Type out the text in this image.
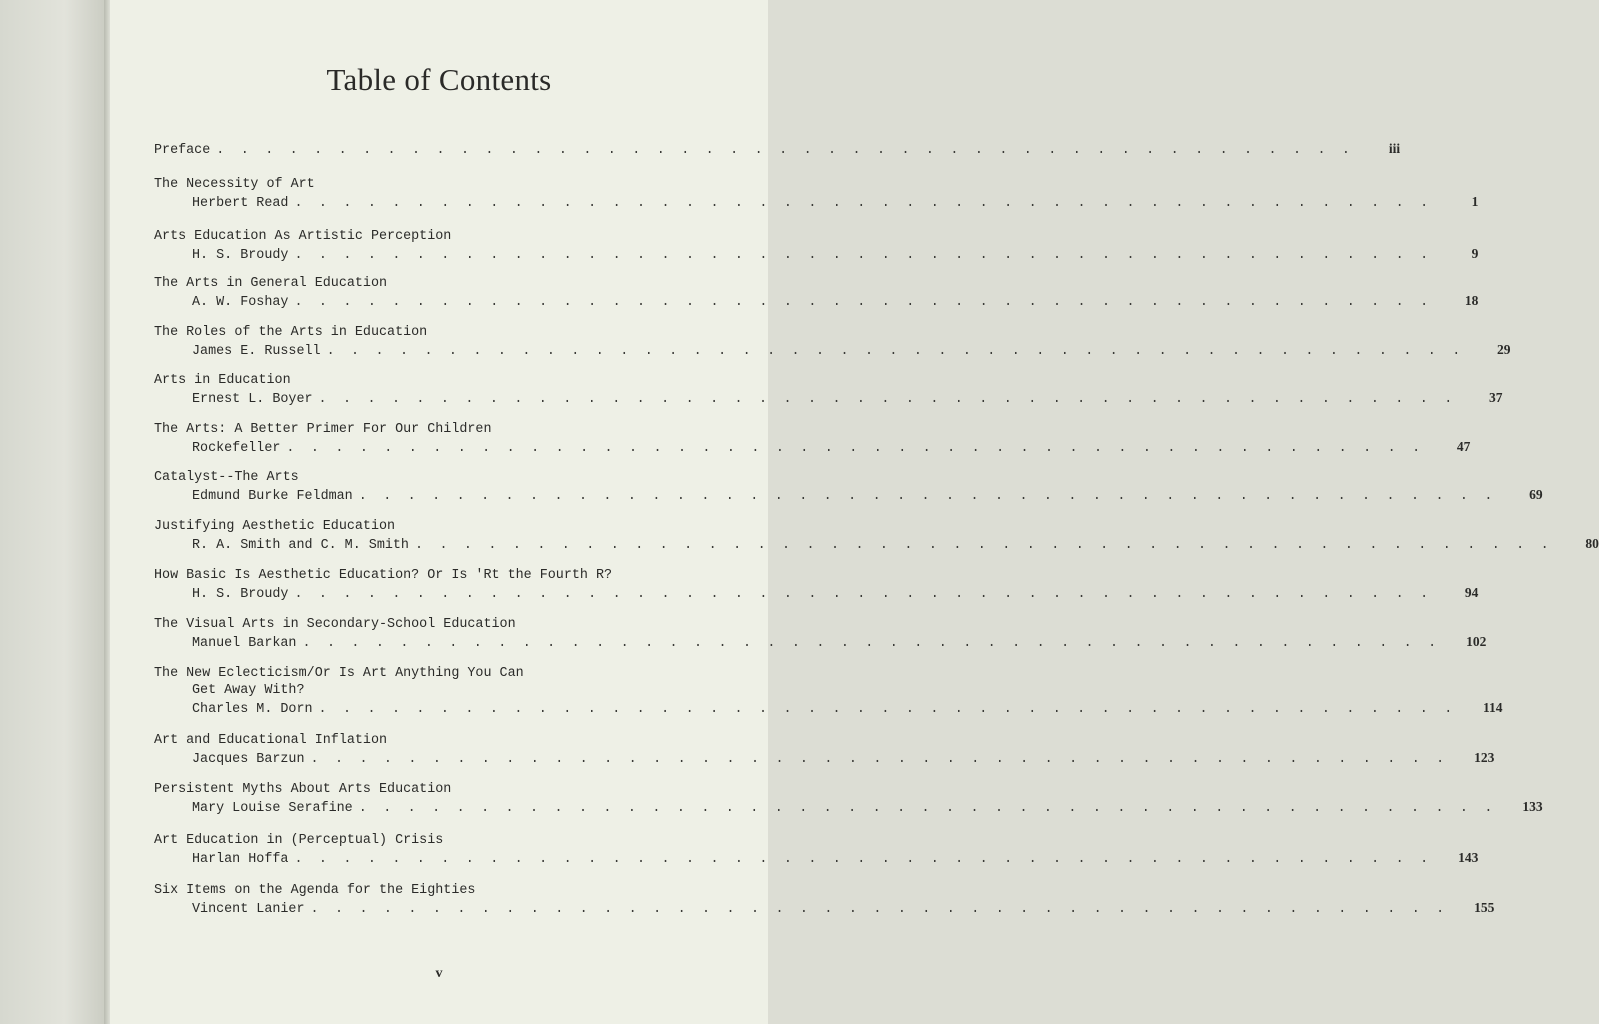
Table of Contents
Preface . . . . . . . . . . . . . . . . . . . . . . . . . . . . . . . . . . . . . . . . . . . . . . .	iii
The Necessity of Art
Herbert Read . . . . . . . . . . . . . . . . . . . . . . . . . . . . . . . . . . . . . . . . . . . . . . .	1
Arts Education As Artistic Perception
H. S. Broudy . . . . . . . . . . . . . . . . . . . . . . . . . . . . . . . . . . . . . . . . . . . . . . .	9
The Arts in General Education
A. W. Foshay . . . . . . . . . . . . . . . . . . . . . . . . . . . . . . . . . . . . . . . . . . . . . . .	18
The Roles of the Arts in Education
James E. Russell . . . . . . . . . . . . . . . . . . . . . . . . . . . . . . . . . . . . . . . . . . . . . . .	29
Arts in Education
Ernest L. Boyer . . . . . . . . . . . . . . . . . . . . . . . . . . . . . . . . . . . . . . . . . . . . . . .	37
The Arts: A Better Primer For Our Children
Rockefeller . . . . . . . . . . . . . . . . . . . . . . . . . . . . . . . . . . . . . . . . . . . . . . .	47
Catalyst--The Arts
Edmund Burke Feldman . . . . . . . . . . . . . . . . . . . . . . . . . . . . . . . . . . . . . . . . . . . . . . .	69
Justifying Aesthetic Education
R. A. Smith and C. M. Smith . . . . . . . . . . . . . . . . . . . . . . . . . . . . . . . . . . . . . . . . . . . . . . .	80
How Basic Is Aesthetic Education? Or Is 'Rt the Fourth R?
H. S. Broudy . . . . . . . . . . . . . . . . . . . . . . . . . . . . . . . . . . . . . . . . . . . . . . .	94
The Visual Arts in Secondary-School Education
Manuel Barkan . . . . . . . . . . . . . . . . . . . . . . . . . . . . . . . . . . . . . . . . . . . . . . .	102
The New Eclecticism/Or Is Art Anything You Can
Get Away With?
Charles M. Dorn . . . . . . . . . . . . . . . . . . . . . . . . . . . . . . . . . . . . . . . . . . . . . . .	114
Art and Educational Inflation
Jacques Barzun . . . . . . . . . . . . . . . . . . . . . . . . . . . . . . . . . . . . . . . . . . . . . . .	123
Persistent Myths About Arts Education
Mary Louise Serafine . . . . . . . . . . . . . . . . . . . . . . . . . . . . . . . . . . . . . . . . . . . . . . .	133
Art Education in (Perceptual) Crisis
Harlan Hoffa . . . . . . . . . . . . . . . . . . . . . . . . . . . . . . . . . . . . . . . . . . . . . . .	143
Six Items on the Agenda for the Eighties
Vincent Lanier . . . . . . . . . . . . . . . . . . . . . . . . . . . . . . . . . . . . . . . . . . . . . . .	155
v
